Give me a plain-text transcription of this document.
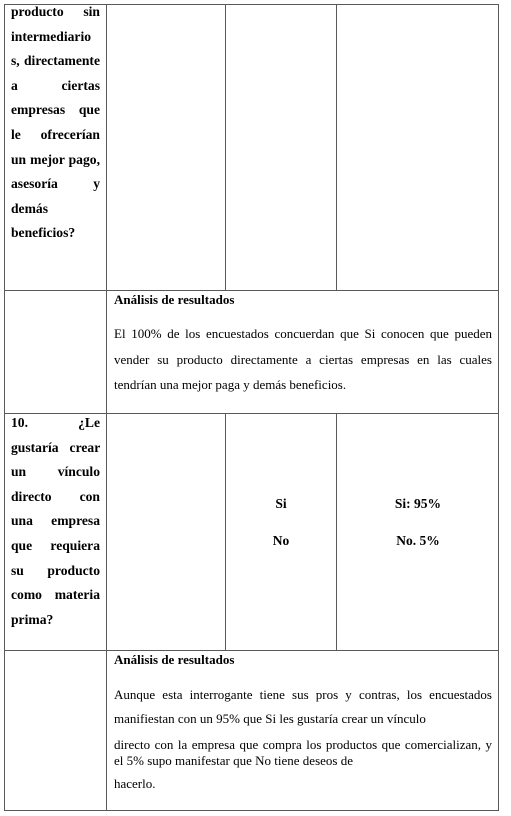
producto sin intermediario s, directamente a ciertas empresas que le ofrecerían un mejor pago, asesoría	y demás
beneficios?
Análisis de resultados
El 100% de los encuestados concuerdan que Si conocen que pueden vender su producto directamente a ciertas empresas en las cuales tendrían una mejor paga y demás beneficios.
10. ¿Le gustaría crear un vínculo directo con una empresa que requiera su producto como materia
prima?
Si
No
Si: 95%
No. 5%
Análisis de resultados
Aunque esta interrogante tiene sus pros y contras, los encuestados manifiestan con un 95% que Si les gustaría crear un vínculo
directo con la empresa que compra los productos que comercializan, y el 5% supo manifestar que No tiene deseos de
hacerlo.
